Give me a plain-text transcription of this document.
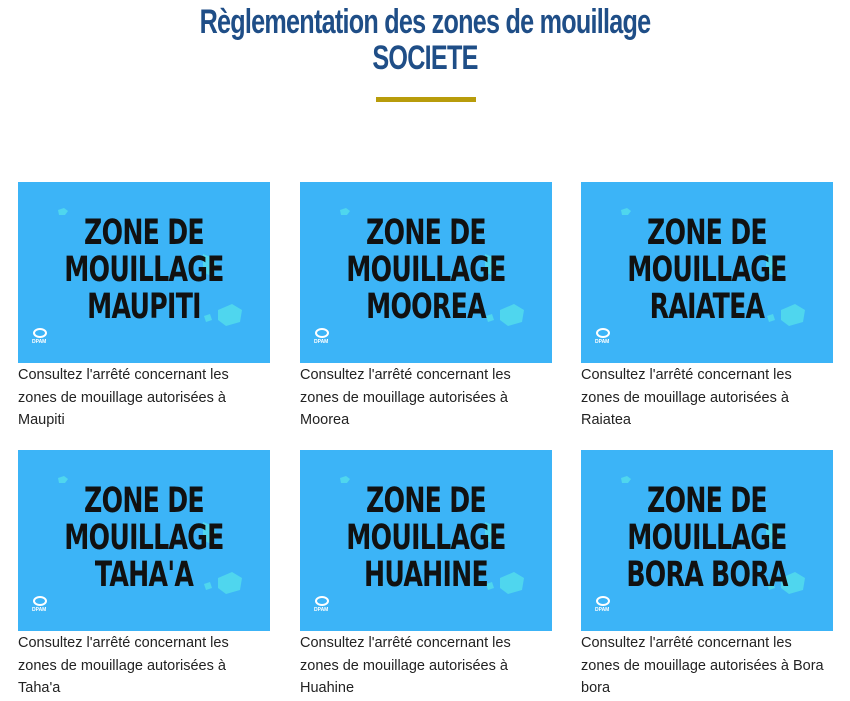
Règlementation des zones de mouillage
SOCIETE
ZONE DE
MOUILLAGE
MAUPITI
DPAM
Consultez l'arrêté concernant les zones de mouillage autorisées à Maupiti
ZONE DE
MOUILLAGE
MOOREA
DPAM
Consultez l'arrêté concernant les zones de mouillage autorisées à Moorea
ZONE DE
MOUILLAGE
RAIATEA
DPAM
Consultez l'arrêté concernant les zones de mouillage autorisées à Raiatea
ZONE DE
MOUILLAGE
TAHA'A
DPAM
Consultez l'arrêté concernant les zones de mouillage autorisées à Taha'a
ZONE DE
MOUILLAGE
HUAHINE
DPAM
Consultez l'arrêté concernant les zones de mouillage autorisées à Huahine
ZONE DE
MOUILLAGE
BORA BORA
DPAM
Consultez l'arrêté concernant les zones de mouillage autorisées à Bora bora
